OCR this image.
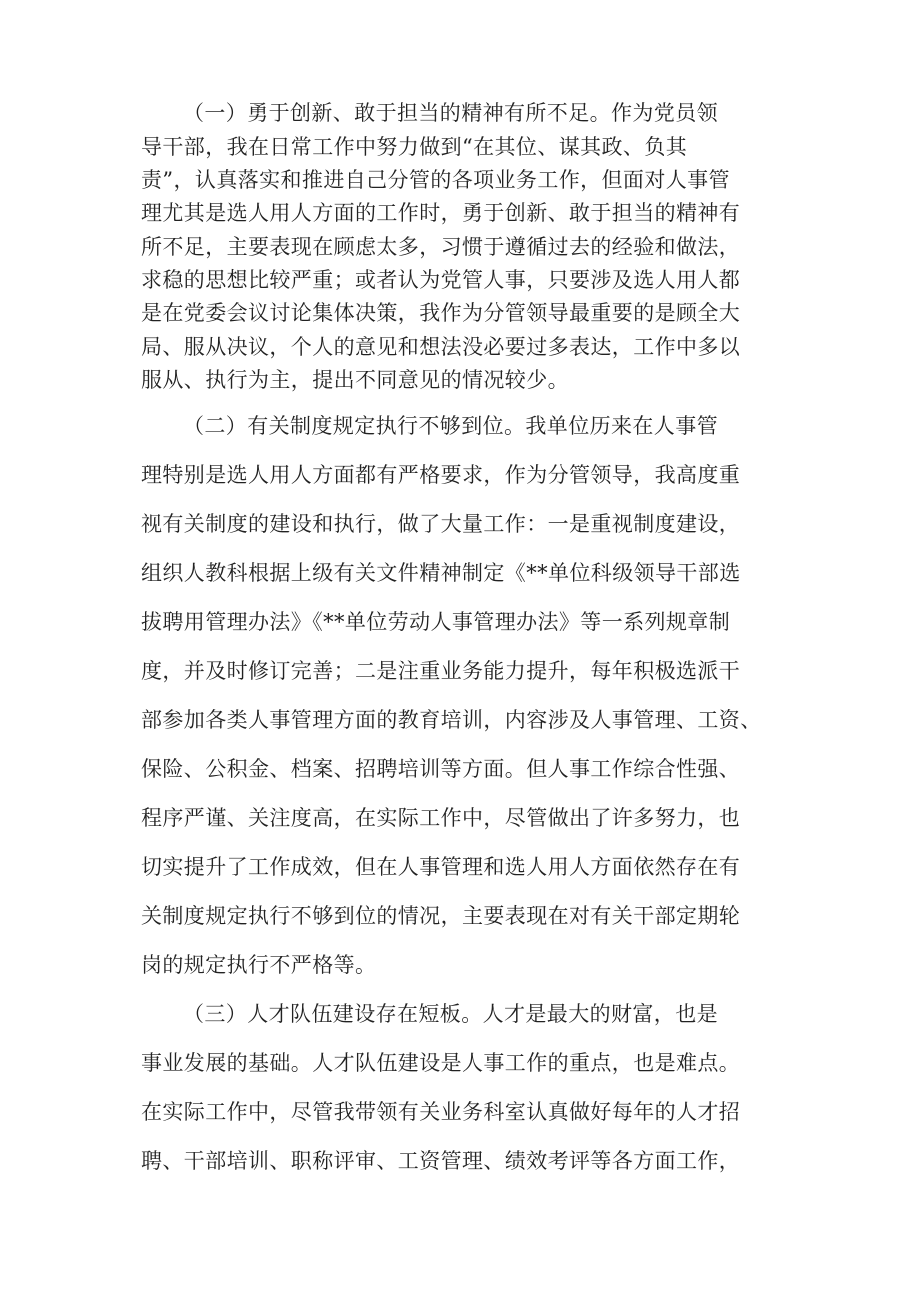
（一）勇于创新、敢于担当的精神有所不足。作为党员领
导干部，我在日常工作中努力做到“在其位、谋其政、负其
责”，认真落实和推进自己分管的各项业务工作，但面对人事管
理尤其是选人用人方面的工作时，勇于创新、敢于担当的精神有
所不足，主要表现在顾虑太多，习惯于遵循过去的经验和做法，
求稳的思想比较严重；或者认为党管人事，只要涉及选人用人都
是在党委会议讨论集体决策，我作为分管领导最重要的是顾全大
局、服从决议，个人的意见和想法没必要过多表达，工作中多以
服从、执行为主，提出不同意见的情况较少。
（二）有关制度规定执行不够到位。我单位历来在人事管
理特别是选人用人方面都有严格要求，作为分管领导，我高度重
视有关制度的建设和执行，做了大量工作：一是重视制度建设，
组织人教科根据上级有关文件精神制定《**单位科级领导干部选
拔聘用管理办法》《**单位劳动人事管理办法》等一系列规章制
度，并及时修订完善；二是注重业务能力提升，每年积极选派干
部参加各类人事管理方面的教育培训，内容涉及人事管理、工资、
保险、公积金、档案、招聘培训等方面。但人事工作综合性强、
程序严谨、关注度高，在实际工作中，尽管做出了许多努力，也
切实提升了工作成效，但在人事管理和选人用人方面依然存在有
关制度规定执行不够到位的情况，主要表现在对有关干部定期轮
岗的规定执行不严格等。
（三）人才队伍建设存在短板。人才是最大的财富，也是
事业发展的基础。人才队伍建设是人事工作的重点，也是难点。
在实际工作中，尽管我带领有关业务科室认真做好每年的人才招
聘、干部培训、职称评审、工资管理、绩效考评等各方面工作，
